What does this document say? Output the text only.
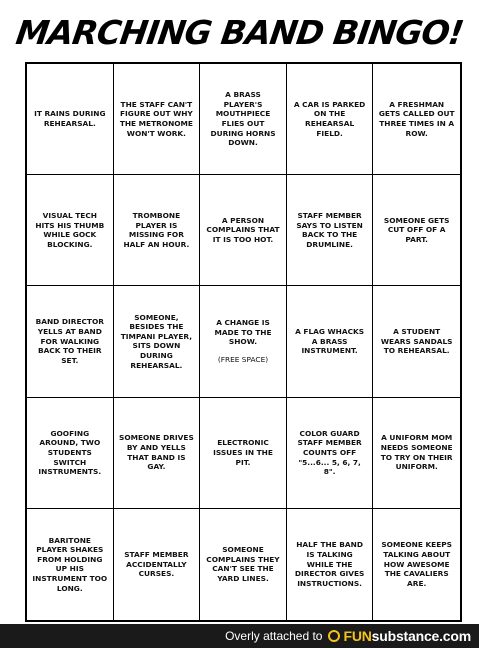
MARCHING BAND BINGO!
IT RAINS DURING REHEARSAL.
THE STAFF CAN'T FIGURE OUT WHY THE METRONOME WON'T WORK.
A BRASS PLAYER'S MOUTHPIECE FLIES OUT DURING HORNS DOWN.
A CAR IS PARKED ON THE REHEARSAL FIELD.
A FRESHMAN GETS CALLED OUT THREE TIMES IN A ROW.
VISUAL TECH HITS HIS THUMB WHILE GOCK BLOCKING.
TROMBONE PLAYER IS MISSING FOR HALF AN HOUR.
A PERSON COMPLAINS THAT IT IS TOO HOT.
STAFF MEMBER SAYS TO LISTEN BACK TO THE DRUMLINE.
SOMEONE GETS CUT OFF OF A PART.
BAND DIRECTOR YELLS AT BAND FOR WALKING BACK TO THEIR SET.
SOMEONE, BESIDES THE TIMPANI PLAYER, SITS DOWN DURING REHEARSAL.
A CHANGE IS MADE TO THE SHOW.
(FREE SPACE)
A FLAG WHACKS A BRASS INSTRUMENT.
A STUDENT WEARS SANDALS TO REHEARSAL.
GOOFING AROUND, TWO STUDENTS SWITCH INSTRUMENTS.
SOMEONE DRIVES BY AND YELLS THAT BAND IS GAY.
ELECTRONIC ISSUES IN THE PIT.
COLOR GUARD STAFF MEMBER COUNTS OFF "5...6... 5, 6, 7, 8".
A UNIFORM MOM NEEDS SOMEONE TO TRY ON THEIR UNIFORM.
BARITONE PLAYER SHAKES FROM HOLDING UP HIS INSTRUMENT TOO LONG.
STAFF MEMBER ACCIDENTALLY CURSES.
SOMEONE COMPLAINS THEY CAN'T SEE THE YARD LINES.
HALF THE BAND IS TALKING WHILE THE DIRECTOR GIVES INSTRUCTIONS.
SOMEONE KEEPS TALKING ABOUT HOW AWESOME THE CAVALIERS ARE.
Overly attached to FUNsubstance.com
